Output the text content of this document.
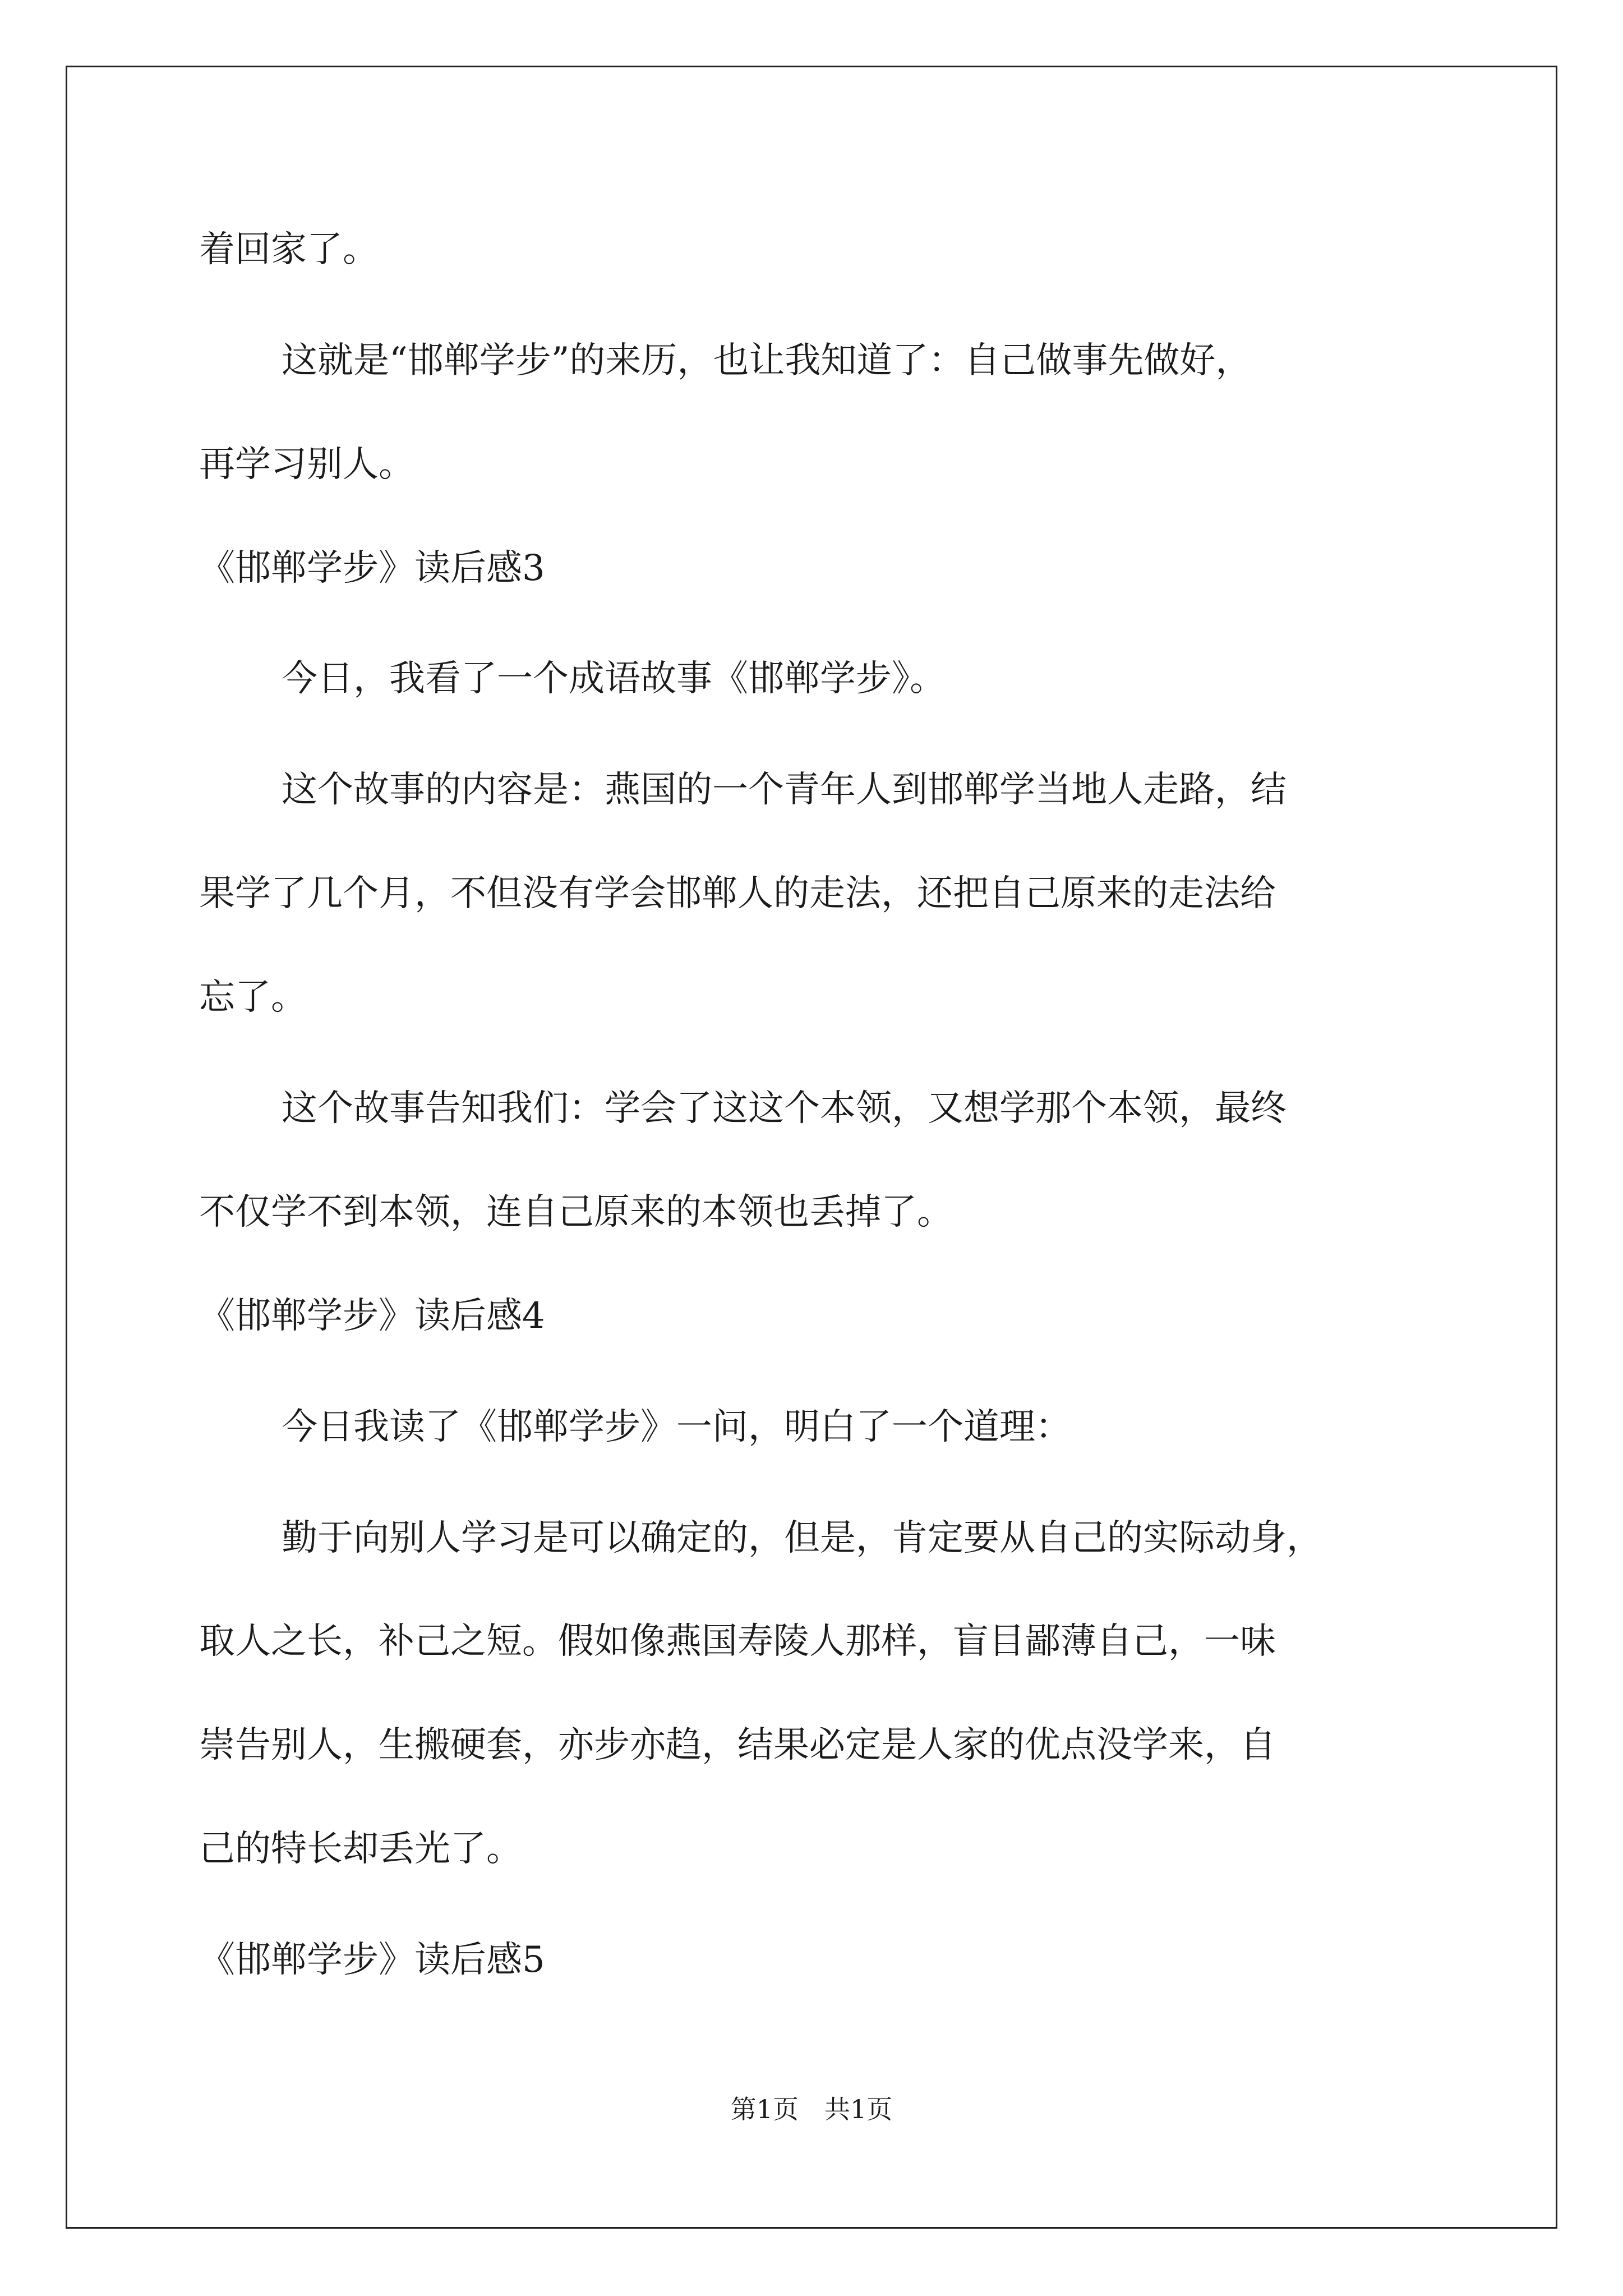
着回家了。
这就是“邯郸学步”的来历，也让我知道了：自己做事先做好，
再学习别人。
《邯郸学步》读后感3
今日，我看了一个成语故事《邯郸学步》。
这个故事的内容是：燕国的一个青年人到邯郸学当地人走路，结
果学了几个月，不但没有学会邯郸人的走法，还把自己原来的走法给
忘了。
这个故事告知我们：学会了这这个本领，又想学那个本领，最终
不仅学不到本领，连自己原来的本领也丢掉了。
《邯郸学步》读后感4
今日我读了《邯郸学步》一问，明白了一个道理：
勤于向别人学习是可以确定的，但是，肯定要从自己的实际动身，
取人之长，补己之短。假如像燕国寿陵人那样，盲目鄙薄自己，一味
崇告别人，生搬硬套，亦步亦趋，结果必定是人家的优点没学来，自
己的特长却丢光了。
《邯郸学步》读后感5
第1页　共1页
